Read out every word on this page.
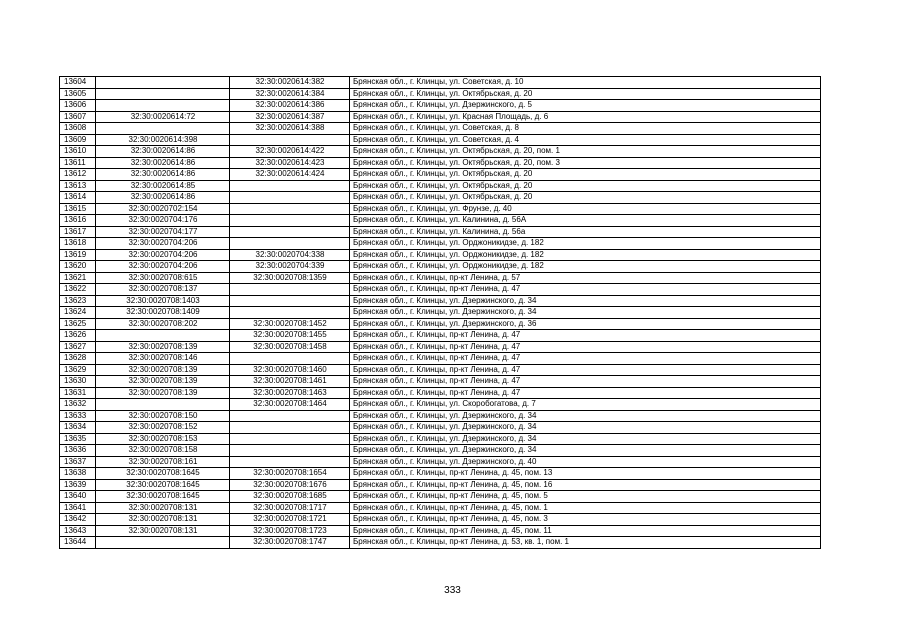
13604		32:30:0020614:382	Брянская обл., г. Клинцы, ул. Советская, д. 10
13605		32:30:0020614:384	Брянская обл., г. Клинцы, ул. Октябрьская, д. 20
13606		32:30:0020614:386	Брянская обл., г. Клинцы, ул. Дзержинского, д. 5
13607	32:30:0020614:72	32:30:0020614:387	Брянская обл., г. Клинцы, ул. Красная Площадь, д. 6
13608		32:30:0020614:388	Брянская обл., г. Клинцы, ул. Советская, д. 8
13609	32:30:0020614:398		Брянская обл., г. Клинцы, ул. Советская, д. 4
13610	32:30:0020614:86	32:30:0020614:422	Брянская обл., г. Клинцы, ул. Октябрьская, д. 20, пом. 1
13611	32:30:0020614:86	32:30:0020614:423	Брянская обл., г. Клинцы, ул. Октябрьская, д. 20, пом. 3
13612	32:30:0020614:86	32:30:0020614:424	Брянская обл., г. Клинцы, ул. Октябрьская, д. 20
13613	32:30:0020614:85		Брянская обл., г. Клинцы, ул. Октябрьская, д. 20
13614	32:30:0020614:86		Брянская обл., г. Клинцы, ул. Октябрьская, д. 20
13615	32:30:0020702:154		Брянская обл., г. Клинцы, ул. Фрунзе, д. 40
13616	32:30:0020704:176		Брянская обл., г. Клинцы, ул. Калинина, д. 56А
13617	32:30:0020704:177		Брянская обл., г. Клинцы, ул. Калинина, д. 56а
13618	32:30:0020704:206		Брянская обл., г. Клинцы, ул. Орджоникидзе, д. 182
13619	32:30:0020704:206	32:30:0020704:338	Брянская обл., г. Клинцы, ул. Орджоникидзе, д. 182
13620	32:30:0020704:206	32:30:0020704:339	Брянская обл., г. Клинцы, ул. Орджоникидзе, д. 182
13621	32:30:0020708:615	32:30:0020708:1359	Брянская обл., г. Клинцы, пр-кт Ленина, д. 57
13622	32:30:0020708:137		Брянская обл., г. Клинцы, пр-кт Ленина, д. 47
13623	32:30:0020708:1403		Брянская обл., г. Клинцы, ул. Дзержинского, д. 34
13624	32:30:0020708:1409		Брянская обл., г. Клинцы, ул. Дзержинского, д. 34
13625	32:30:0020708:202	32:30:0020708:1452	Брянская обл., г. Клинцы, ул. Дзержинского, д. 36
13626		32:30:0020708:1455	Брянская обл., г. Клинцы, пр-кт Ленина, д. 47
13627	32:30:0020708:139	32:30:0020708:1458	Брянская обл., г. Клинцы, пр-кт Ленина, д. 47
13628	32:30:0020708:146		Брянская обл., г. Клинцы, пр-кт Ленина, д. 47
13629	32:30:0020708:139	32:30:0020708:1460	Брянская обл., г. Клинцы, пр-кт Ленина, д. 47
13630	32:30:0020708:139	32:30:0020708:1461	Брянская обл., г. Клинцы, пр-кт Ленина, д. 47
13631	32:30:0020708:139	32:30:0020708:1463	Брянская обл., г. Клинцы, пр-кт Ленина, д. 47
13632		32:30:0020708:1464	Брянская обл., г. Клинцы, ул. Скоробогатова, д. 7
13633	32:30:0020708:150		Брянская обл., г. Клинцы, ул. Дзержинского, д. 34
13634	32:30:0020708:152		Брянская обл., г. Клинцы, ул. Дзержинского, д. 34
13635	32:30:0020708:153		Брянская обл., г. Клинцы, ул. Дзержинского, д. 34
13636	32:30:0020708:158		Брянская обл., г. Клинцы, ул. Дзержинского, д. 34
13637	32:30:0020708:161		Брянская обл., г. Клинцы, ул. Дзержинского, д. 40
13638	32:30:0020708:1645	32:30:0020708:1654	Брянская обл., г. Клинцы, пр-кт Ленина, д. 45, пом. 13
13639	32:30:0020708:1645	32:30:0020708:1676	Брянская обл., г. Клинцы, пр-кт Ленина, д. 45, пом. 16
13640	32:30:0020708:1645	32:30:0020708:1685	Брянская обл., г. Клинцы, пр-кт Ленина, д. 45, пом. 5
13641	32:30:0020708:131	32:30:0020708:1717	Брянская обл., г. Клинцы, пр-кт Ленина, д. 45, пом. 1
13642	32:30:0020708:131	32:30:0020708:1721	Брянская обл., г. Клинцы, пр-кт Ленина, д. 45, пом. 3
13643	32:30:0020708:131	32:30:0020708:1723	Брянская обл., г. Клинцы, пр-кт Ленина, д. 45, пом. 11
13644		32:30:0020708:1747	Брянская обл., г. Клинцы, пр-кт Ленина, д. 53, кв. 1, пом. 1
333
